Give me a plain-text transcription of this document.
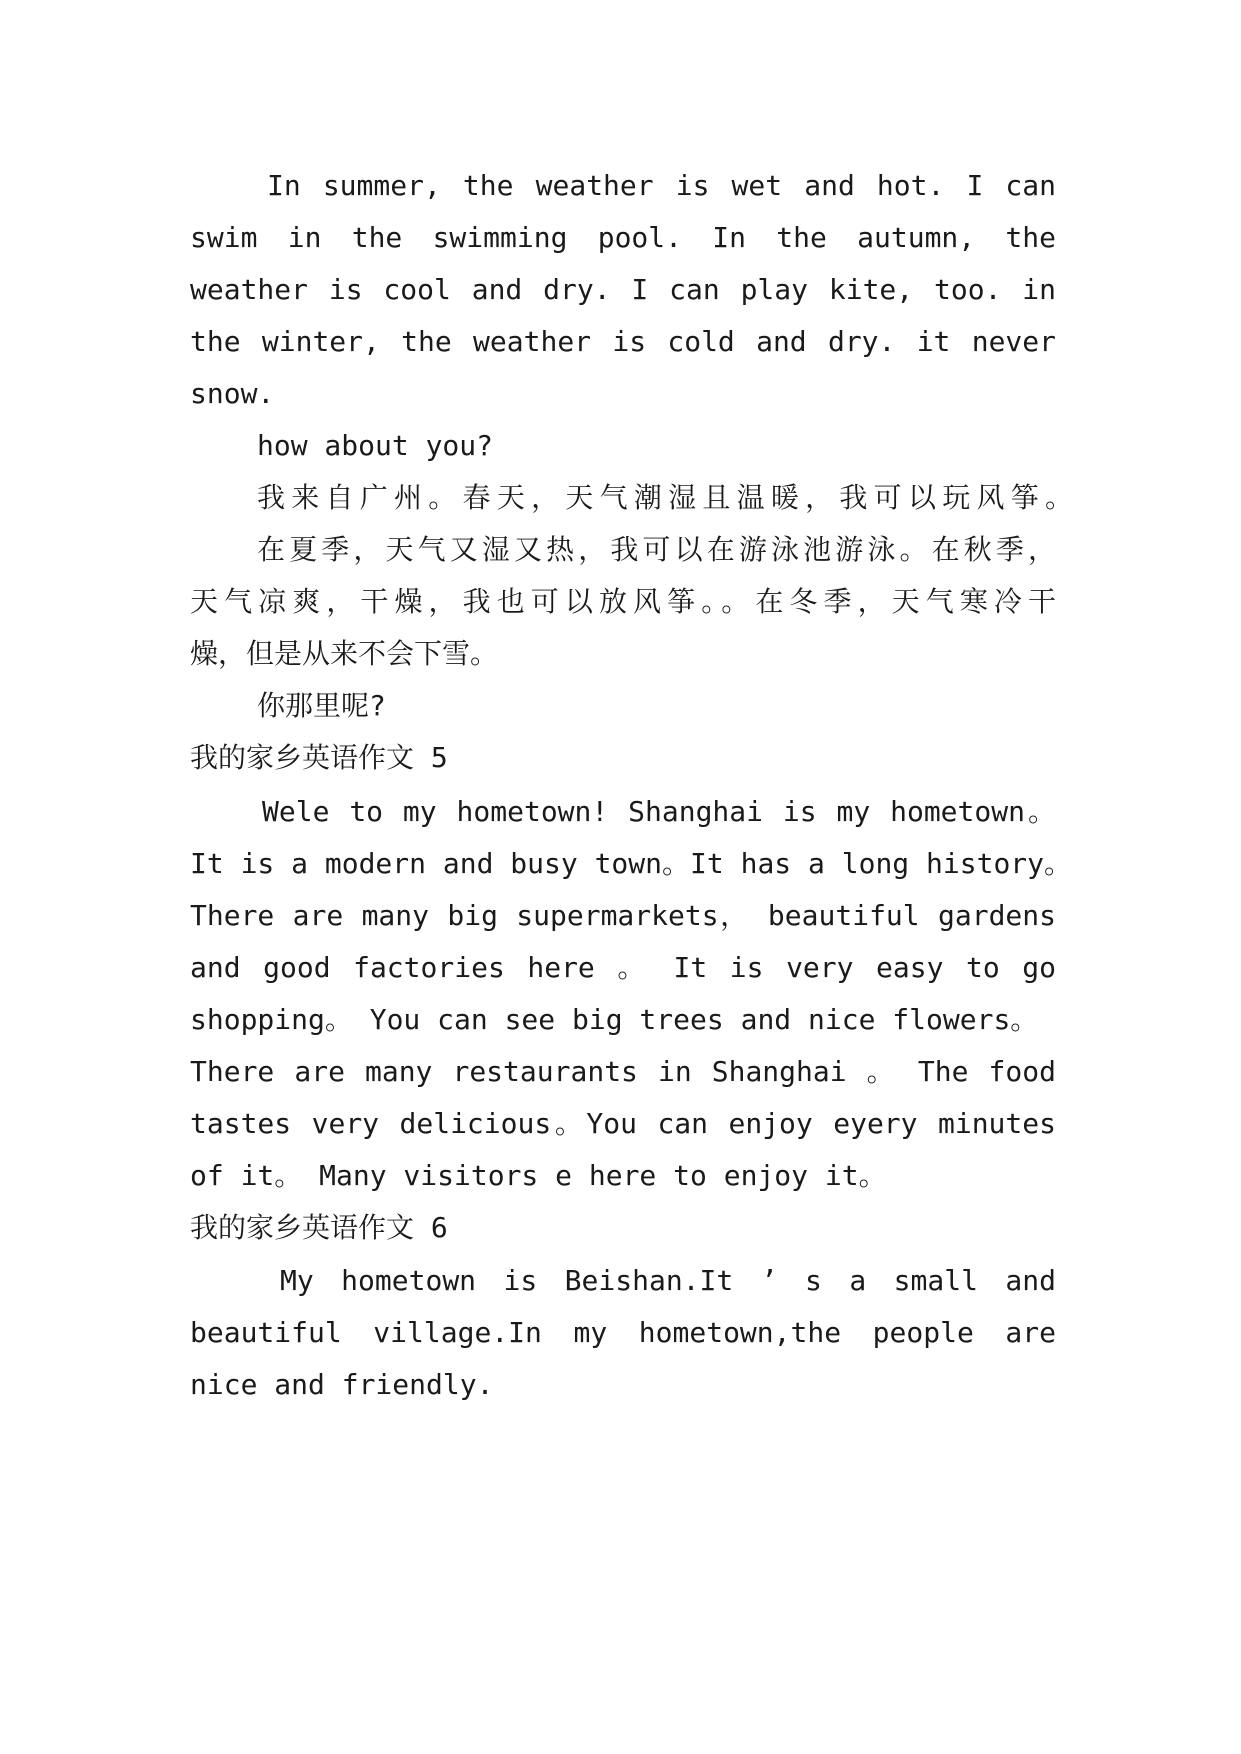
In summer, the weather is wet and hot. I can
swim in the swimming pool. In the autumn, the
weather is cool and dry. I can play kite, too. in
the winter, the weather is cold and dry. it never
snow.
how about you?
我来自广州。春天，天气潮湿且温暖，我可以玩风筝。
在夏季，天气又湿又热，我可以在游泳池游泳。在秋季，
天气凉爽，干燥，我也可以放风筝。。在冬季，天气寒冷干
燥，但是从来不会下雪。
你那里呢?
我的家乡英语作文 5
Wele to my hometown! Shanghai is my hometown。
It is a modern and busy town。It has a long history。
There are many big supermarkets， beautiful gardens
and good factories here 。 It is very easy to go
shopping。 You can see big trees and nice flowers。
There are many restaurants in Shanghai 。 The food
tastes very delicious。You can enjoy eyery minutes
of it。 Many visitors e here to enjoy it。
我的家乡英语作文 6
My hometown is Beishan.It ’ s a small and
beautiful village.In my hometown,the people are
nice and friendly.
